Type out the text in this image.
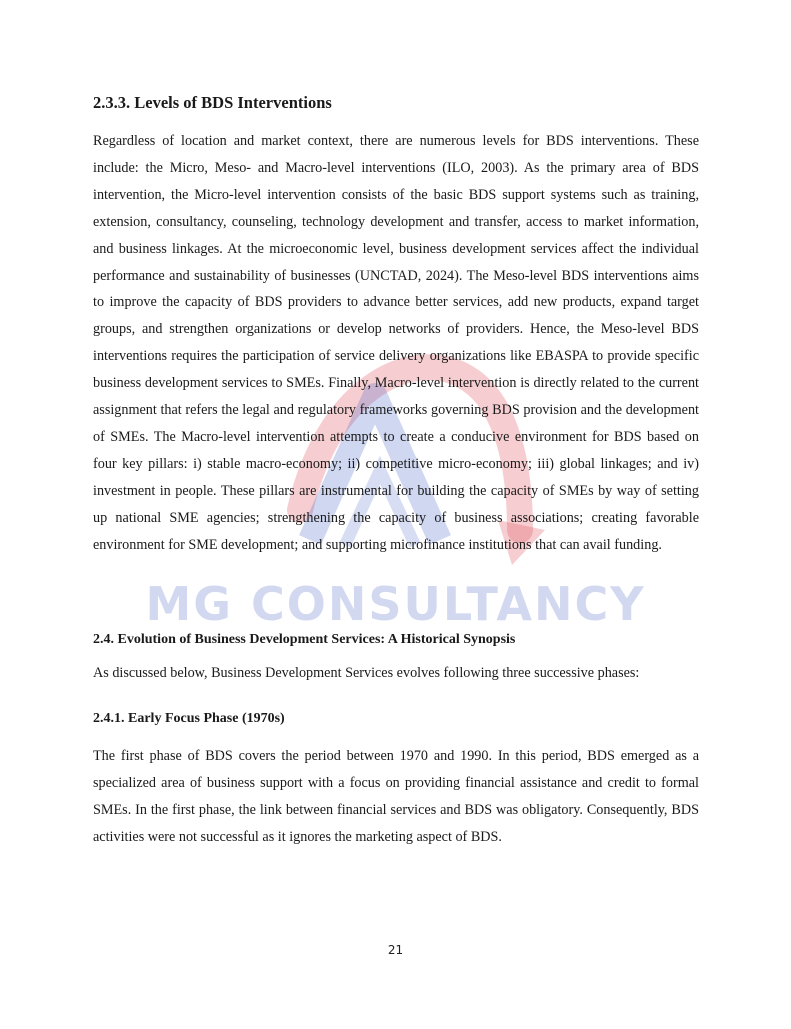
MG CONSULTANCY
2.3.3. Levels of BDS Interventions

Regardless of location and market context, there are numerous levels for BDS interventions. These include: the Micro, Meso- and Macro-level interventions (ILO, 2003). As the primary area of BDS intervention, the Micro-level intervention consists of the basic BDS support systems such as training, extension, consultancy, counseling, technology development and transfer, access to market information, and business linkages. At the microeconomic level, business development services affect the individual performance and sustainability of businesses (UNCTAD, 2024). The Meso-level BDS interventions aims to improve the capacity of BDS providers to advance better services, add new products, expand target groups, and strengthen organizations or develop networks of providers. Hence, the Meso-level BDS interventions requires the participation of service delivery organizations like EBASPA to provide specific business development services to SMEs. Finally, Macro-level intervention is directly related to the current assignment that refers the legal and regulatory frameworks governing BDS provision and the development of SMEs. The Macro-level intervention attempts to create a conducive environment for BDS based on four key pillars: i) stable macro-economy; ii) competitive micro-economy; iii) global linkages; and iv) investment in people. These pillars are instrumental for building the capacity of SMEs by way of setting up national SME agencies; strengthening the capacity of business associations; creating favorable environment for SME development; and supporting microfinance institutions that can avail funding.

2.4. Evolution of Business Development Services: A Historical Synopsis

As discussed below, Business Development Services evolves following three successive phases:

2.4.1. Early Focus Phase (1970s)

The first phase of BDS covers the period between 1970 and 1990. In this period, BDS emerged as a specialized area of business support with a focus on providing financial assistance and credit to formal SMEs. In the first phase, the link between financial services and BDS was obligatory. Consequently, BDS activities were not successful as it ignores the marketing aspect of BDS.

21
